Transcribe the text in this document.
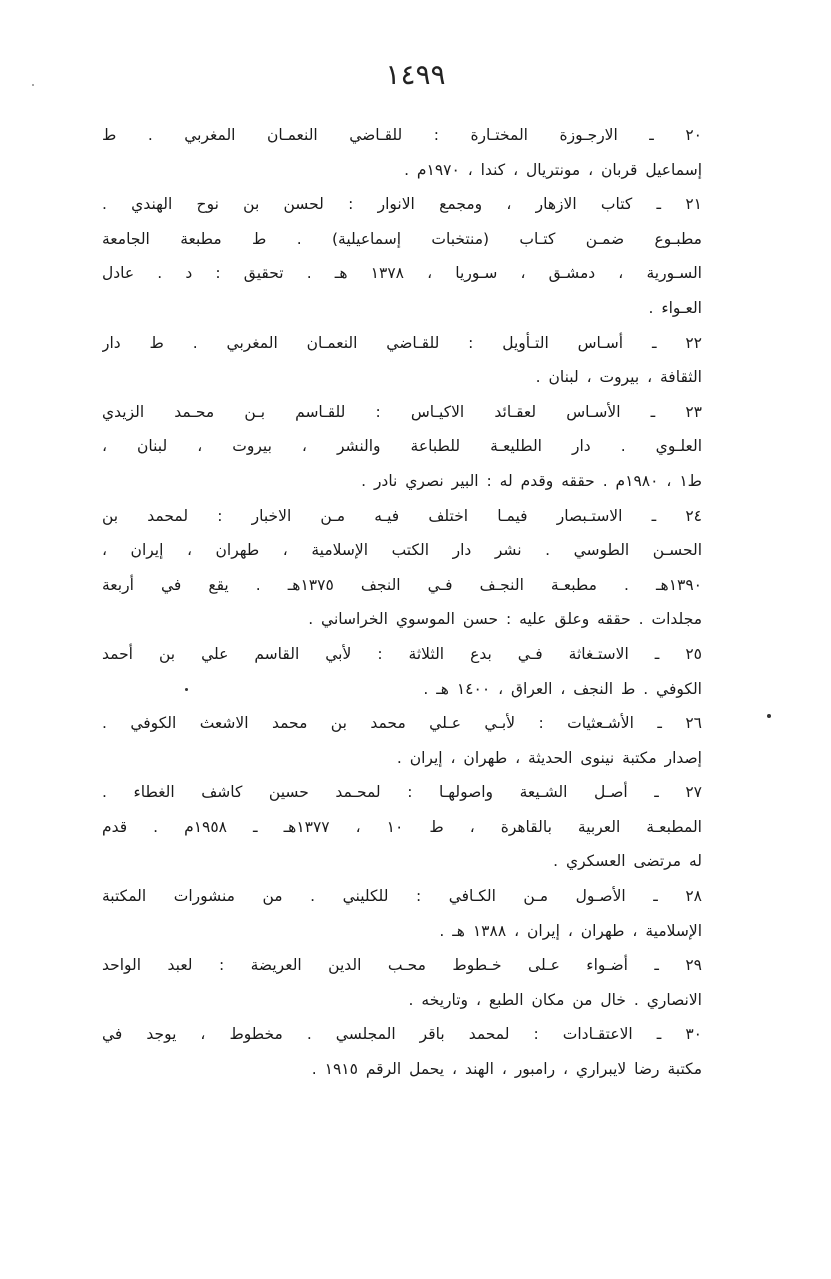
١٤٩٩
٢٠ ـ الارجـوزة المختـارة : للقـاضي النعمـان المغربي . ط
إسماعيل قربان ، مونتريال ، كندا ، ١٩٧٠م .
٢١ ـ كتاب الازهار ، ومجمع الانوار : لحسن بن نوح الهندي .
مطبـوع ضمـن كتـاب (منتخبات إسماعيلية) . ط مطبعة الجامعة
السـورية ، دمشـق ، سـوريا ، ١٣٧٨ هـ . تحقيق : د . عادل
العـواء .
٢٢ ـ أسـاس التـأويل : للقـاضي النعمـان المغربي . ط دار
الثقافة ، بيروت ، لبنان .
٢٣ ـ الأسـاس لعقـائد الاكيـاس : للقـاسم بـن محـمد الزيدي
العلـوي . دار الطليعـة للطباعة والنشر ، بيروت ، لبنان ،
ط١ ، ١٩٨٠م . حققه وقدم له : البير نصري نادر .
٢٤ ـ الاستـبصار فيمـا اختلف فيـه مـن الاخبار : لمحمد بن
الحسـن الطوسي . نشر دار الكتب الإسلامية ، طهران ، إيران ،
١٣٩٠هـ . مطبعـة النجـف فـي النجف ١٣٧٥هـ . يقع في أربعة
مجلدات . حققه وعلق عليه : حسن الموسوي الخراساني .
٢٥ ـ الاستـغاثة فـي بدع الثلاثة : لأبي القاسم علي بن أحمد
الكوفي . ط النجف ، العراق ، ١٤٠٠ هـ .
٢٦ ـ الأشـعثيات : لأبـي عـلي محمد بن محمد الاشعث الكوفي .
إصدار مكتبة نينوى الحديثة ، طهران ، إيران .
٢٧ ـ أصـل الشـيعة واصولهـا : لمحـمد حسين كاشف الغطاء .
المطبعـة العربية بالقاهرة ، ط ١٠ ، ١٣٧٧هـ ـ ١٩٥٨م . قدم
له مرتضى العسكري .
٢٨ ـ الأصـول مـن الكـافي : للكليني . من منشورات المكتبة
الإسلامية ، طهران ، إيران ، ١٣٨٨ هـ .
٢٩ ـ أضـواء عـلى خـطوط محـب الدين العريضة : لعبد الواحد
الانصاري . خال من مكان الطبع ، وتاريخه .
٣٠ ـ الاعتقـادات : لمحمد باقر المجلسي . مخطوط ، يوجد في
مكتبة رضا لايبراري ، رامبور ، الهند ، يحمل الرقم ١٩١٥ .
